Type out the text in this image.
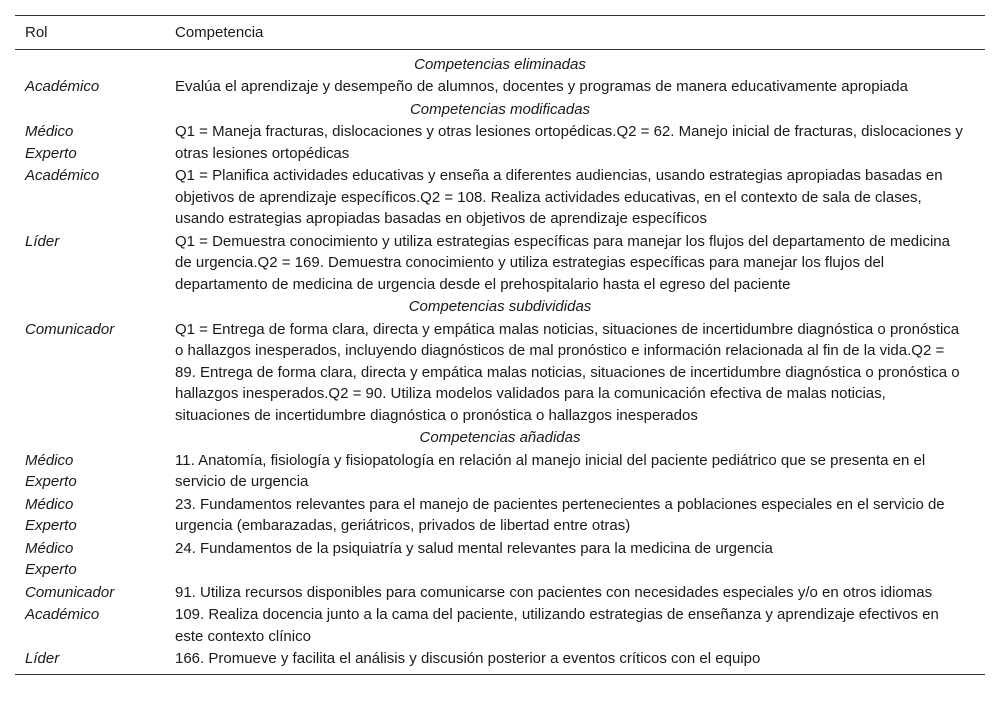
Rol	Competencia
Competencias eliminadas	
Académico	Evalúa el aprendizaje y desempeño de alumnos, docentes y programas de manera educativamente apropiada
Competencias modificadas	
Médico
Experto	Q1 = Maneja fracturas, dislocaciones y otras lesiones ortopédicas.Q2 = 62. Manejo inicial de fracturas, dislocaciones y otras lesiones ortopédicas
Académico	Q1 = Planifica actividades educativas y enseña a diferentes audiencias, usando estrategias apropiadas basadas en objetivos de aprendizaje específicos.Q2 = 108. Realiza actividades educativas, en el contexto de sala de clases, usando estrategias apropiadas basadas en objetivos de aprendizaje específicos
Líder	Q1 = Demuestra conocimiento y utiliza estrategias específicas para manejar los flujos del departamento de medicina de urgencia.Q2 = 169. Demuestra conocimiento y utiliza estrategias específicas para manejar los flujos del departamento de medicina de urgencia desde el prehospitalario hasta el egreso del paciente
Competencias subdivididas	
Comunicador	Q1 = Entrega de forma clara, directa y empática malas noticias, situaciones de incertidumbre diagnóstica o pronóstica o hallazgos inesperados, incluyendo diagnósticos de mal pronóstico e información relacionada al fin de la vida.Q2 = 89. Entrega de forma clara, directa y empática malas noticias, situaciones de incertidumbre diagnóstica o pronóstica o hallazgos inesperados.Q2 = 90. Utiliza modelos validados para la comunicación efectiva de malas noticias, situaciones de incertidumbre diagnóstica o pronóstica o hallazgos inesperados
Competencias añadidas	
Médico
Experto	11. Anatomía, fisiología y fisiopatología en relación al manejo inicial del paciente pediátrico que se presenta en el servicio de urgencia
Médico
Experto	23. Fundamentos relevantes para el manejo de pacientes pertenecientes a poblaciones especiales en el servicio de urgencia (embarazadas, geriátricos, privados de libertad entre otras)
Médico
Experto	24. Fundamentos de la psiquiatría y salud mental relevantes para la medicina de urgencia
Comunicador	91. Utiliza recursos disponibles para comunicarse con pacientes con necesidades especiales y/o en otros idiomas
Académico	109. Realiza docencia junto a la cama del paciente, utilizando estrategias de enseñanza y aprendizaje efectivos en este contexto clínico
Líder	166. Promueve y facilita el análisis y discusión posterior a eventos críticos con el equipo
